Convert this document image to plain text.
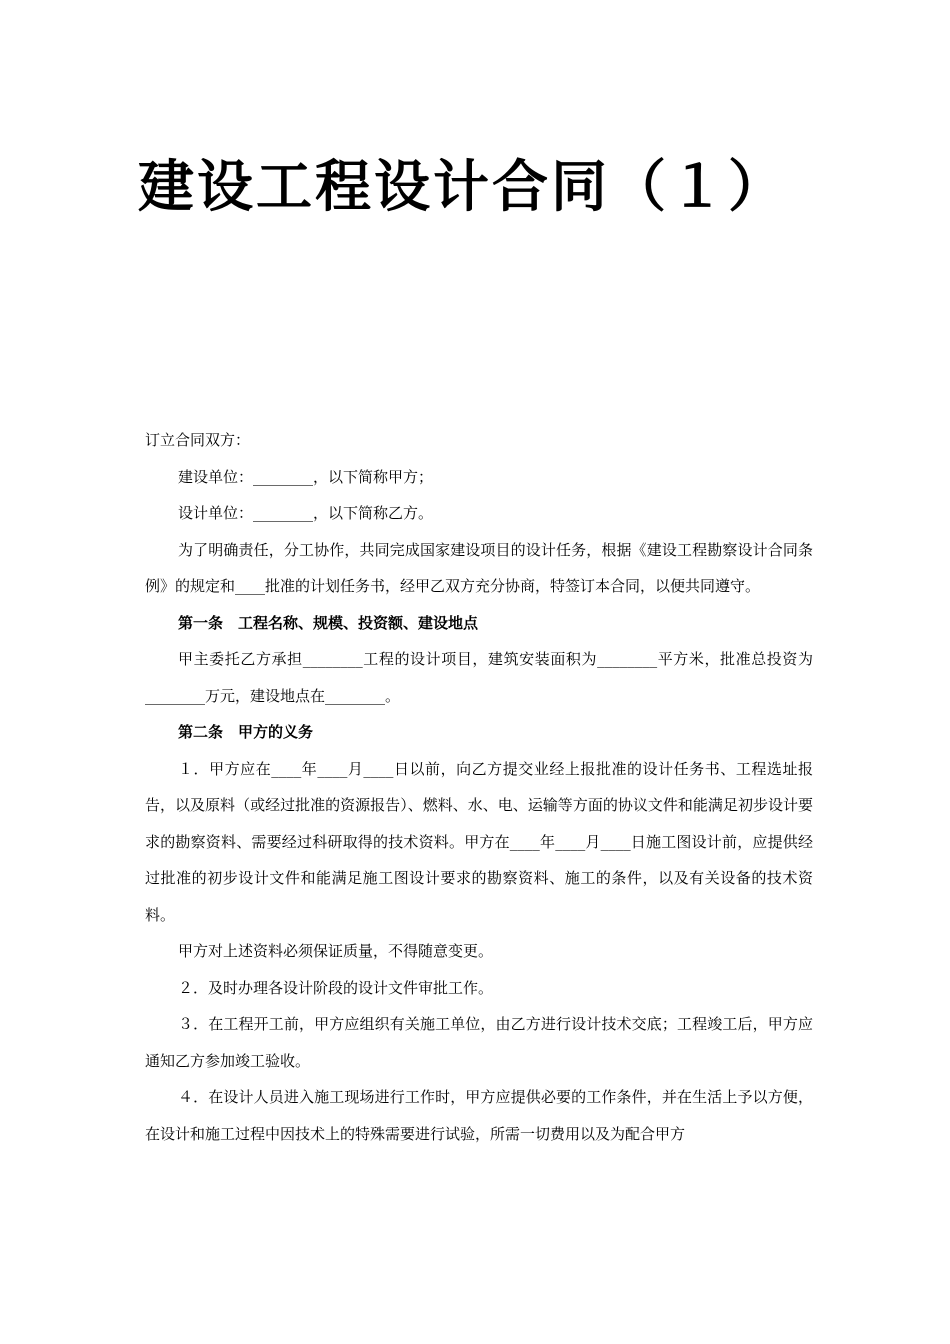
建设工程设计合同（１）

订立合同双方：

建设单位：________，以下简称甲方；

设计单位：________，以下简称乙方。

为了明确责任，分工协作，共同完成国家建设项目的设计任务，根据《建设工程勘察设计合同条例》的规定和____批准的计划任务书，经甲乙双方充分协商，特签订本合同，以便共同遵守。

第一条　工程名称、规模、投资额、建设地点

甲主委托乙方承担________工程的设计项目，建筑安装面积为________平方米，批准总投资为________万元，建设地点在________。

第二条　甲方的义务

１．甲方应在____年____月____日以前，向乙方提交业经上报批准的设计任务书、工程选址报告，以及原料（或经过批准的资源报告）、燃料、水、电、运输等方面的协议文件和能满足初步设计要求的勘察资料、需要经过科研取得的技术资料。甲方在____年____月____日施工图设计前，应提供经过批准的初步设计文件和能满足施工图设计要求的勘察资料、施工的条件，以及有关设备的技术资料。

甲方对上述资料必须保证质量，不得随意变更。

２．及时办理各设计阶段的设计文件审批工作。

３．在工程开工前，甲方应组织有关施工单位，由乙方进行设计技术交底；工程竣工后，甲方应通知乙方参加竣工验收。

４．在设计人员进入施工现场进行工作时，甲方应提供必要的工作条件，并在生活上予以方便，在设计和施工过程中因技术上的特殊需要进行试验，所需一切费用以及为配合甲方
